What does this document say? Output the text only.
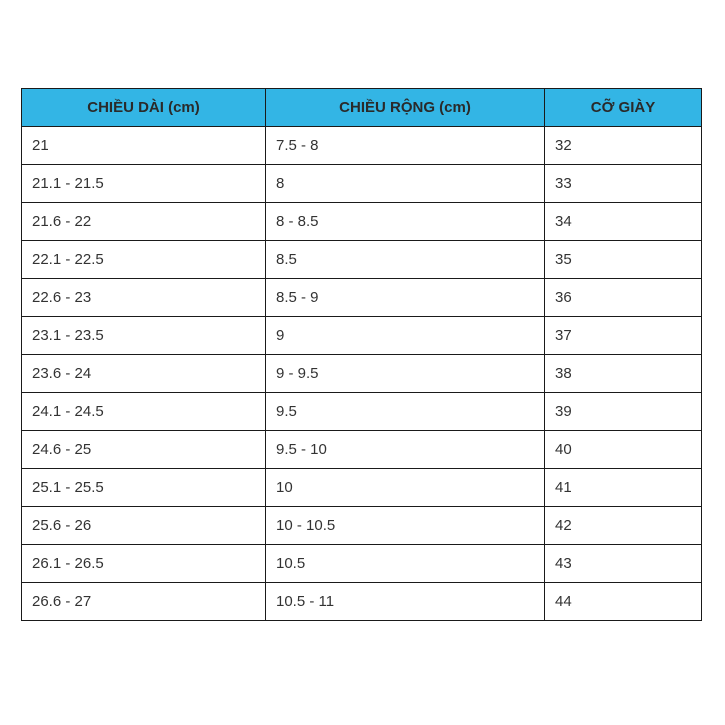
CHIỀU DÀI (cm)	CHIỀU RỘNG (cm)	CỠ GIÀY
21	7.5 - 8	32
21.1 - 21.5	8	33
21.6 - 22	8 - 8.5	34
22.1 - 22.5	8.5	35
22.6 - 23	8.5 - 9	36
23.1 - 23.5	9	37
23.6 - 24	9 - 9.5	38
24.1 - 24.5	9.5	39
24.6 - 25	9.5 - 10	40
25.1 - 25.5	10	41
25.6 - 26	10 - 10.5	42
26.1 - 26.5	10.5	43
26.6 - 27	10.5 - 11	44
